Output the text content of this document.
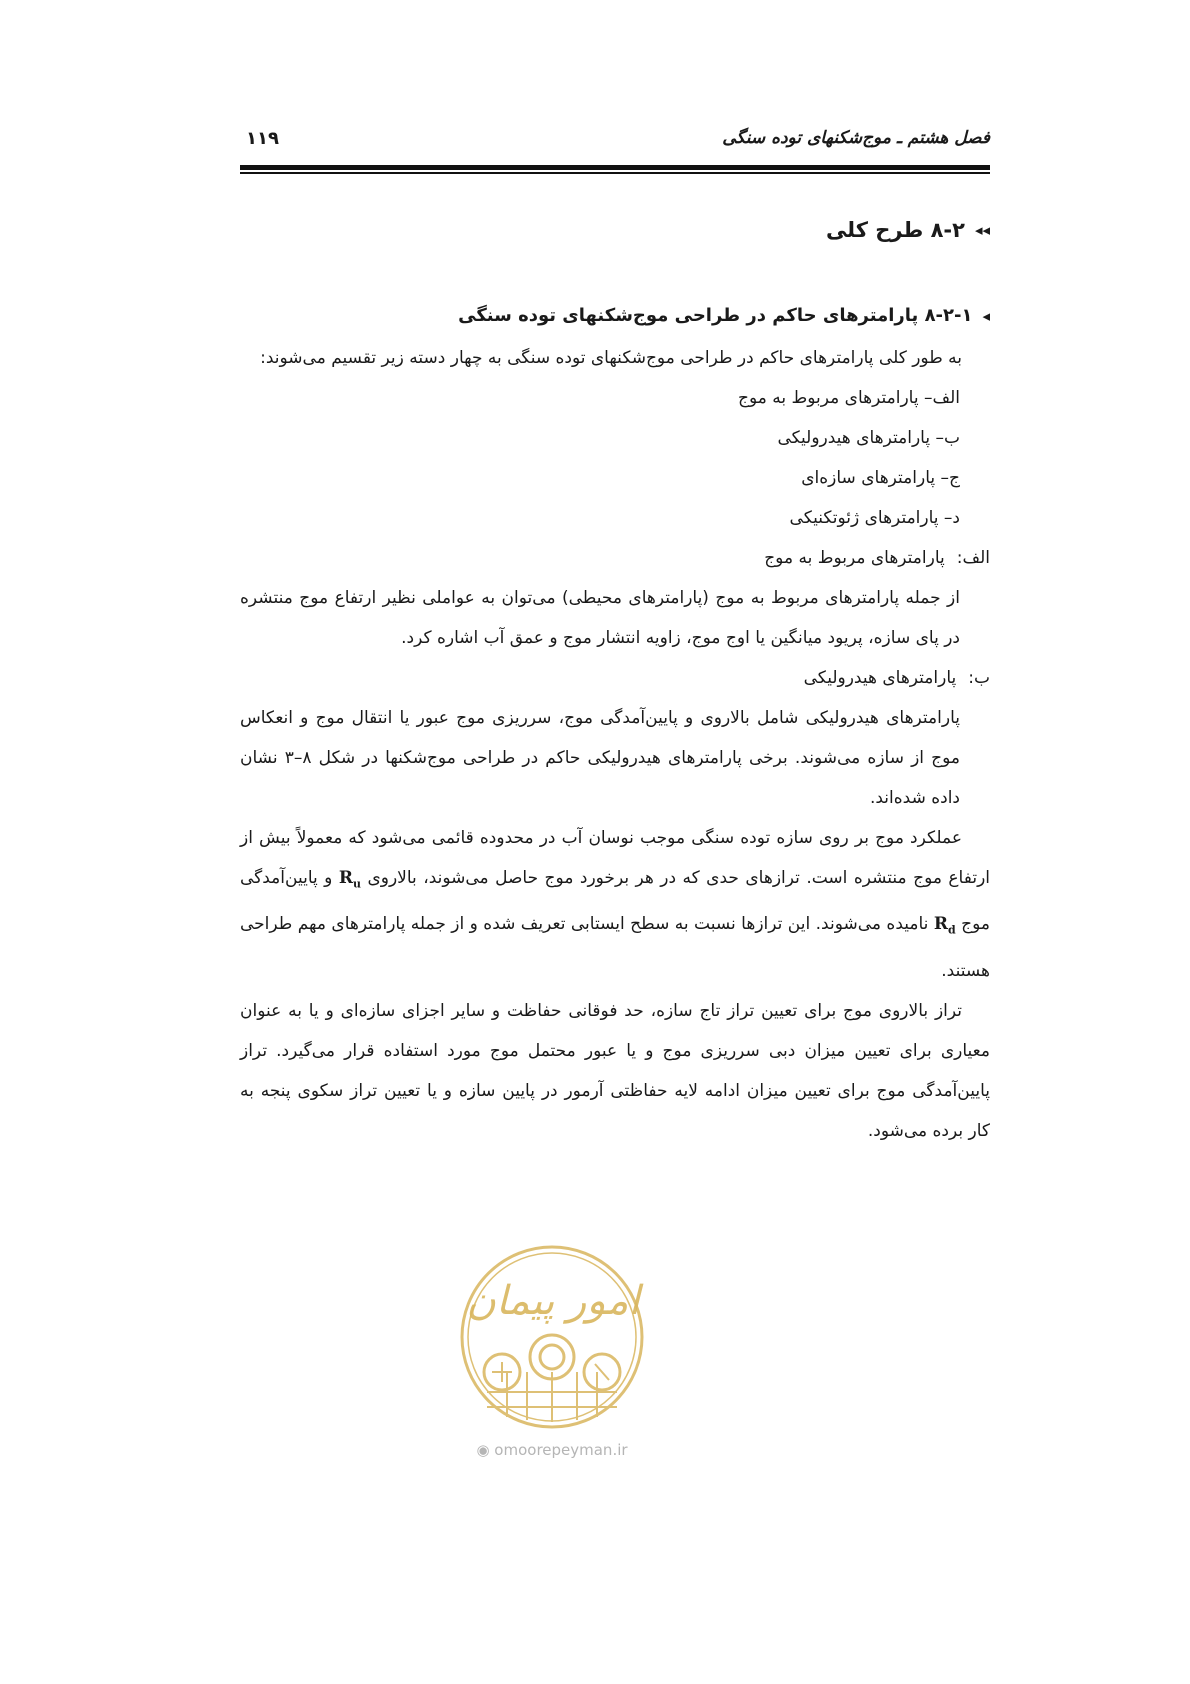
فصل هشتم ـ موج‌شکنهای توده سنگی
۱۱۹
◂◂
۸-۲ طرح کلی
◂
۸-۲-۱ پارامترهای حاکم در طراحی موج‌شکنهای توده سنگی

به طور کلی پارامترهای حاکم در طراحی موج‌شکنهای توده سنگی به چهار دسته زیر تقسیم می‌شوند:

الف– پارامترهای مربوط به موج
ب– پارامترهای هیدرولیکی
ج– پارامترهای سازه‌ای
د– پارامترهای ژئوتکنیکی
الف:
پارامترهای مربوط به موج

از جمله پارامترهای مربوط به موج (پارامترهای محیطی) می‌توان به عواملی نظیر ارتفاع موج منتشره در پای سازه، پریود میانگین یا اوج موج، زاویه انتشار موج و عمق آب اشاره کرد.

ب:
پارامترهای هیدرولیکی

پارامترهای هیدرولیکی شامل بالاروی و پایین‌آمدگی موج، سرریزی موج عبور یا انتقال موج و انعکاس موج از سازه می‌شوند. برخی پارامترهای هیدرولیکی حاکم در طراحی موج‌شکنها در شکل ۸–۳ نشان داده شده‌اند.

عملکرد موج بر روی سازه توده سنگی موجب نوسان آب در محدوده قائمی می‌شود که معمولاً بیش از ارتفاع موج منتشره است. ترازهای حدی که در هر برخورد موج حاصل می‌شوند، بالاروی $R_u$ و پایین‌آمدگی موج $R_d$ نامیده می‌شوند. این ترازها نسبت به سطح ایستابی تعریف شده و از جمله پارامترهای مهم طراحی هستند.

تراز بالاروی موج برای تعیین تراز تاج سازه، حد فوقانی حفاظت و سایر اجزای سازه‌ای و یا به عنوان معیاری برای تعیین میزان دبی سرریزی موج و یا عبور محتمل موج مورد استفاده قرار می‌گیرد. تراز پایین‌آمدگی موج برای تعیین میزان ادامه لایه حفاظتی آرمور در پایین سازه و یا تعیین تراز سکوی پنجه به کار برده می‌شود.

امور پیمان
◉ omoorepeyman.ir
